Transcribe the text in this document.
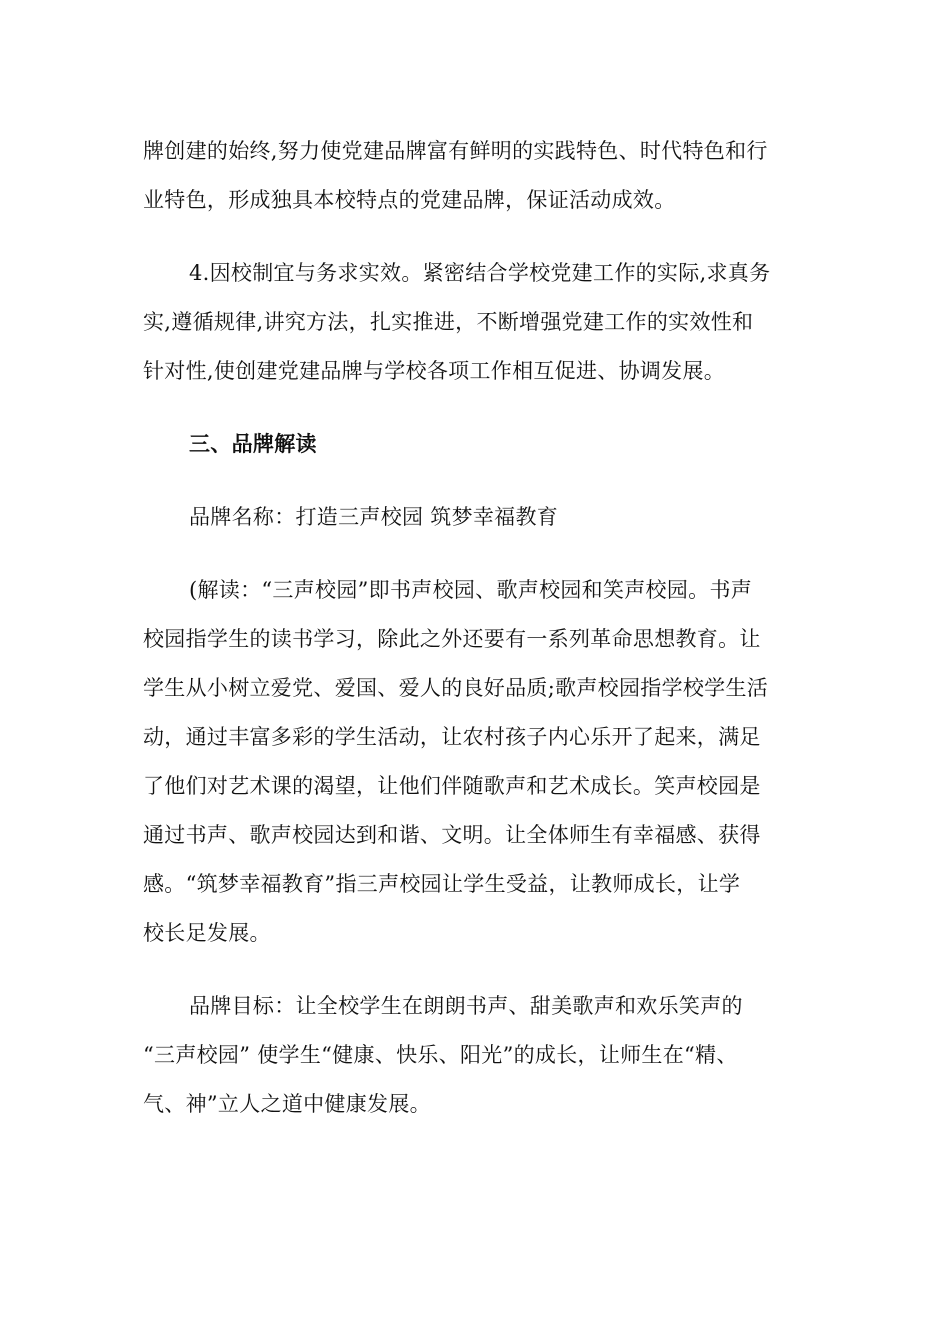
牌创建的始终,努力使党建品牌富有鲜明的实践特色、时代特色和行
业特色，形成独具本校特点的党建品牌，保证活动成效。
4.因校制宜与务求实效。紧密结合学校党建工作的实际,求真务
实,遵循规律,讲究方法，扎实推进，不断增强党建工作的实效性和
针对性,使创建党建品牌与学校各项工作相互促进、协调发展。
三、品牌解读
品牌名称：打造三声校园 筑梦幸福教育
(解读：“三声校园”即书声校园、歌声校园和笑声校园。书声
校园指学生的读书学习，除此之外还要有一系列革命思想教育。让
学生从小树立爱党、爱国、爱人的良好品质;歌声校园指学校学生活
动，通过丰富多彩的学生活动，让农村孩子内心乐开了起来，满足
了他们对艺术课的渴望，让他们伴随歌声和艺术成长。笑声校园是
通过书声、歌声校园达到和谐、文明。让全体师生有幸福感、获得
感。“筑梦幸福教育”指三声校园让学生受益，让教师成长，让学
校长足发展。
品牌目标：让全校学生在朗朗书声、甜美歌声和欢乐笑声的
“三声校园” 使学生“健康、快乐、阳光”的成长，让师生在“精、
气、神”立人之道中健康发展。
